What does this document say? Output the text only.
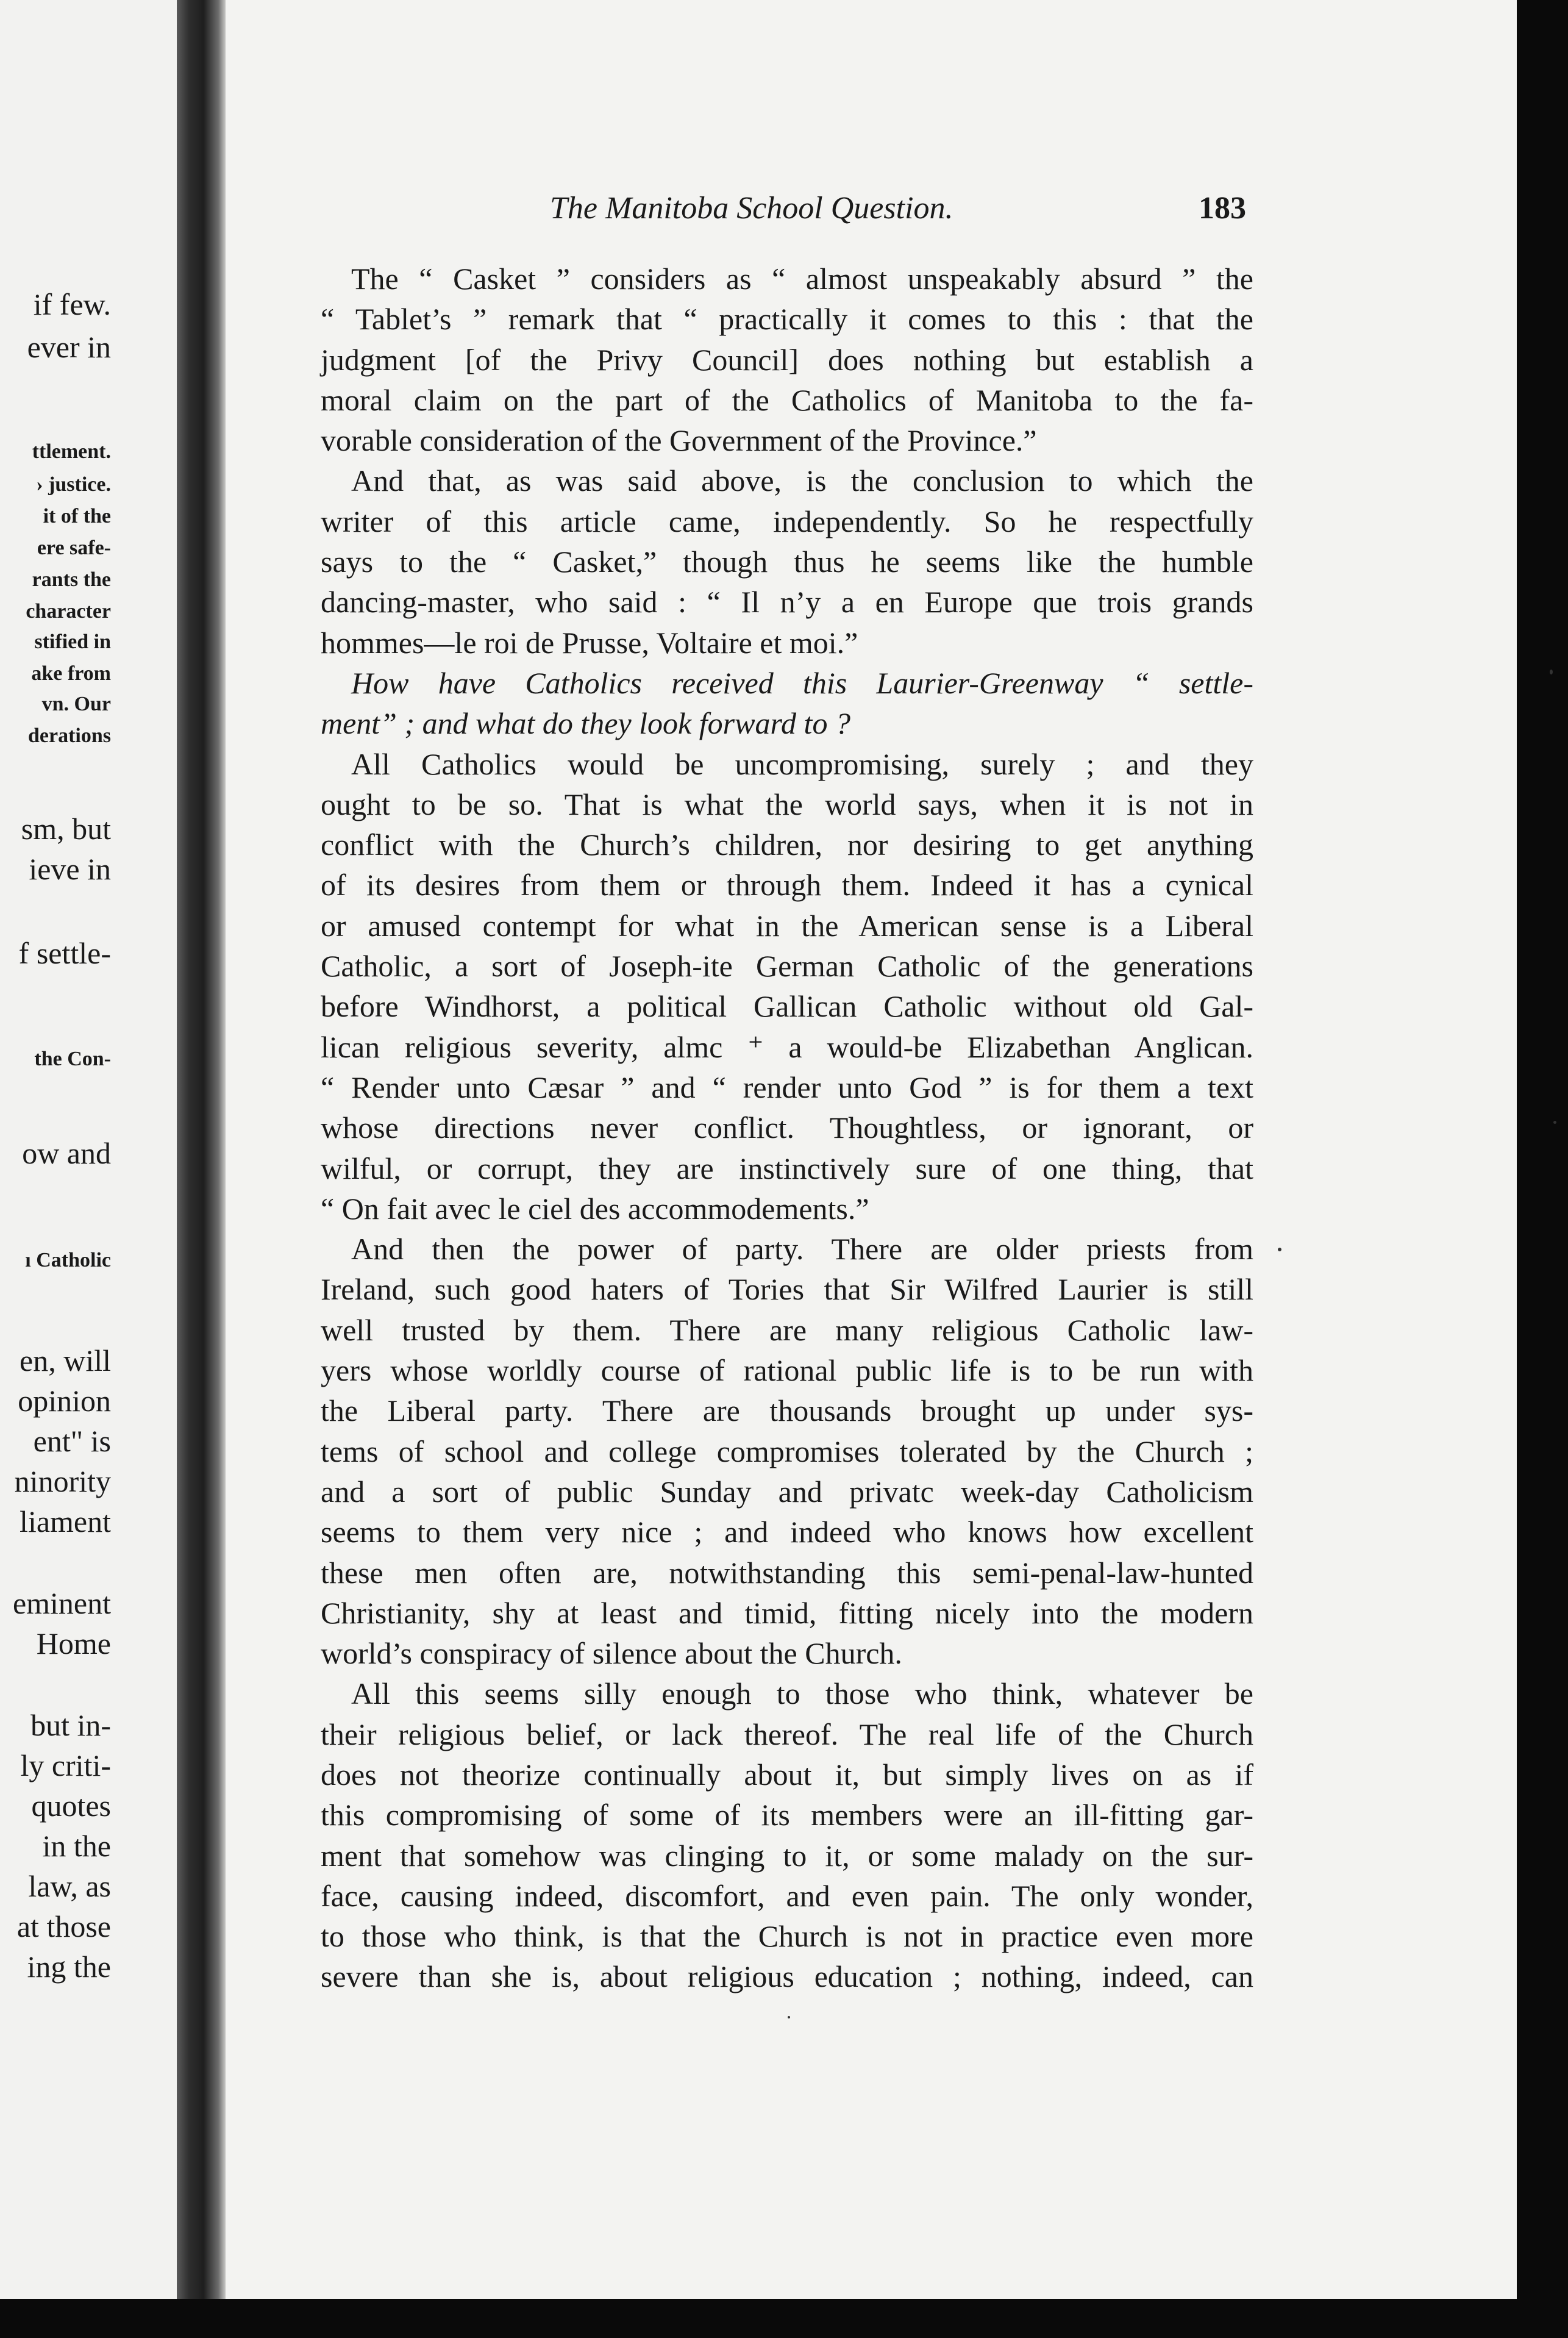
if few.
ever in
ttlement.
› justice.
it of the
ere safe-
rants the
character
stified in
ake from
vn. Our
derations
sm, but
ieve in
f settle-
the Con-
ow and
ı Catholic
en, will
opinion
ent" is
ninority
liament
eminent
Home
but in-
ly criti-
quotes
in the
law, as
at those
ing the
The Manitoba School Question.	183
The “ Casket ” considers as “ almost unspeakably absurd ” the
“ Tablet’s ” remark that “ practically it comes to this : that the
judgment [of the Privy Council] does nothing but establish a
moral claim on the part of the Catholics of Manitoba to the fa-
vorable consideration of the Government of the Province.”
And that, as was said above, is the conclusion to which the
writer of this article came, independently. So he respectfully
says to the “ Casket,” though thus he seems like the humble
dancing-master, who said : “ Il n’y a en Europe que trois grands
hommes—le roi de Prusse, Voltaire et moi.”
How have Catholics received this Laurier-Greenway “ settle-
ment” ; and what do they look forward to ?
All Catholics would be uncompromising, surely ; and they
ought to be so. That is what the world says, when it is not in
conflict with the Church’s children, nor desiring to get anything
of its desires from them or through them. Indeed it has a cynical
or amused contempt for what in the American sense is a Liberal
Catholic, a sort of Joseph-ite German Catholic of the generations
before Windhorst, a political Gallican Catholic without old Gal-
lican religious severity, almc ⁺ a would-be Elizabethan Anglican.
“ Render unto Cæsar ” and “ render unto God ” is for them a text
whose directions never conflict. Thoughtless, or ignorant, or
wilful, or corrupt, they are instinctively sure of one thing, that
“ On fait avec le ciel des accommodements.”
And then the power of party. There are older priests from
Ireland, such good haters of Tories that Sir Wilfred Laurier is still
well trusted by them. There are many religious Catholic law-
yers whose worldly course of rational public life is to be run with
the Liberal party. There are thousands brought up under sys-
tems of school and college compromises tolerated by the Church ;
and a sort of public Sunday and privatc week-day Catholicism
seems to them very nice ; and indeed who knows how excellent
these men often are, notwithstanding this semi-penal-law-hunted
Christianity, shy at least and timid, fitting nicely into the modern
world’s conspiracy of silence about the Church.
All this seems silly enough to those who think, whatever be
their religious belief, or lack thereof. The real life of the Church
does not theorize continually about it, but simply lives on as if
this compromising of some of its members were an ill-fitting gar-
ment that somehow was clinging to it, or some malady on the sur-
face, causing indeed, discomfort, and even pain. The only wonder,
to those who think, is that the Church is not in practice even more
severe than she is, about religious education ; nothing, indeed, can
